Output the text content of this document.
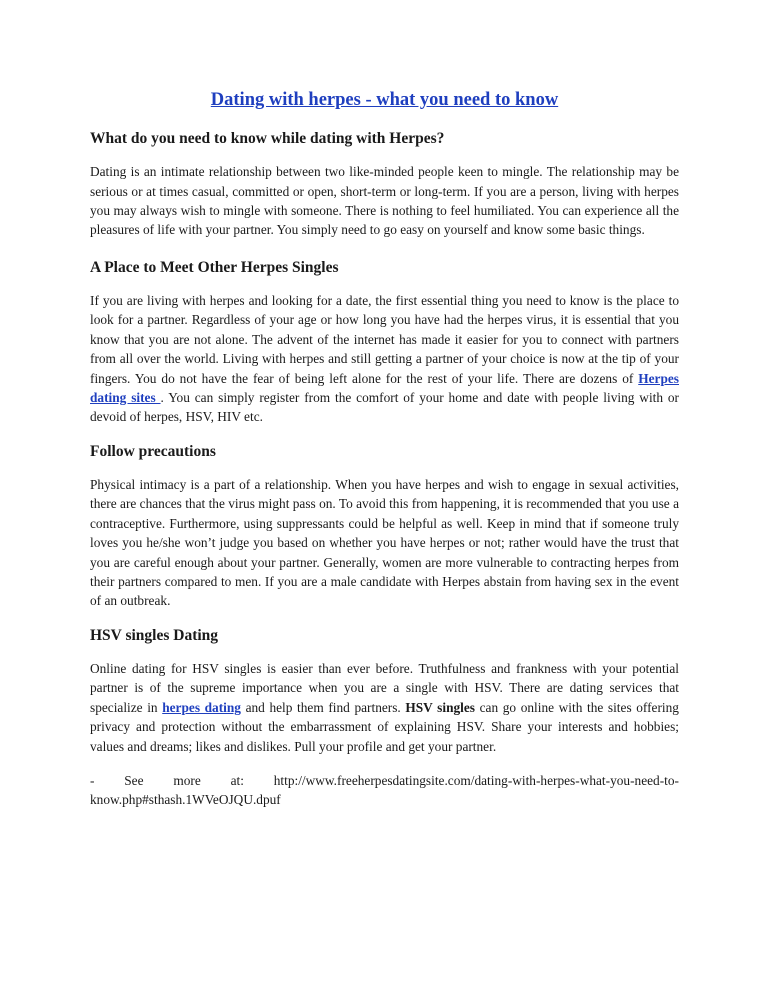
Dating with herpes - what you need to know
What do you need to know while dating with Herpes?

Dating is an intimate relationship between two like-minded people keen to mingle. The relationship may be serious or at times casual, committed or open, short-term or long-term. If you are a person, living with herpes you may always wish to mingle with someone. There is nothing to feel humiliated. You can experience all the pleasures of life with your partner. You simply need to go easy on yourself and know some basic things.

A Place to Meet Other Herpes Singles

If you are living with herpes and looking for a date, the first essential thing you need to know is the place to look for a partner. Regardless of your age or how long you have had the herpes virus, it is essential that you know that you are not alone. The advent of the internet has made it easier for you to connect with partners from all over the world. Living with herpes and still getting a partner of your choice is now at the tip of your fingers. You do not have the fear of being left alone for the rest of your life. There are dozens of Herpes dating sites . You can simply register from the comfort of your home and date with people living with or devoid of herpes, HSV, HIV etc.

Follow precautions

Physical intimacy is a part of a relationship. When you have herpes and wish to engage in sexual activities, there are chances that the virus might pass on. To avoid this from happening, it is recommended that you use a contraceptive. Furthermore, using suppressants could be helpful as well. Keep in mind that if someone truly loves you he/she won’t judge you based on whether you have herpes or not; rather would have the trust that you are careful enough about your partner. Generally, women are more vulnerable to contracting herpes from their partners compared to men. If you are a male candidate with Herpes abstain from having sex in the event of an outbreak.

HSV singles Dating

Online dating for HSV singles is easier than ever before. Truthfulness and frankness with your potential partner is of the supreme importance when you are a single with HSV. There are dating services that specialize in herpes dating and help them find partners. HSV singles can go online with the sites offering privacy and protection without the embarrassment of explaining HSV. Share your interests and hobbies; values and dreams; likes and dislikes. Pull your profile and get your partner.

- See more at: http://www.freeherpesdatingsite.com/dating-with-herpes-what-you-need-to-know.php#sthash.1WVeOJQU.dpuf
